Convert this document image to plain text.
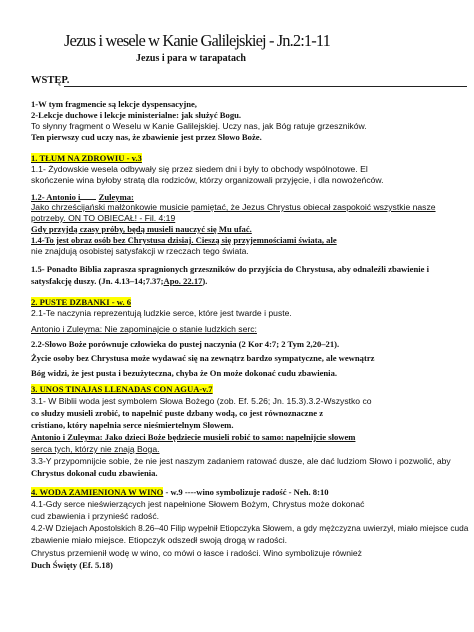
Jezus i wesele w Kanie Galilejskiej - Jn.2:1-11
Jezus i para w tarapatach
WSTĘP.
1-W tym fragmencie są lekcje dyspensacyjne,
2-Lekcje duchowe i lekcje ministerialne: jak służyć Bogu.
To słynny fragment o Weselu w Kanie Galilejskiej. Uczy nas, jak Bóg ratuje grzeszników.
Ten pierwszy cud uczy nas, że zbawienie jest przez Słowo Boże.
1. TŁUM NA ZDROWIU - v.3
1.1- Żydowskie wesela odbywały się przez siedem dni i były to obchody wspólnotowe. El
skończenie wina byłoby stratą dla rodziców, którzy organizowali przyjęcie, i dla nowożeńców.
1.2- Antonio i Zuleyma:
Jako chrześcijański małżonkowie musicie pamiętać, że Jezus Chrystus obiecał zaspokoić wszystkie nasze
potrzeby. ON TO OBIECAŁ! - Fil. 4:19
Gdy przyjdą czasy próby, będą musieli nauczyć się Mu ufać.
1.4-To jest obraz osób bez Chrystusa dzisiaj. Cieszą się przyjemnościami świata, ale
nie znajdują osobistej satysfakcji w rzeczach tego świata.
1.5- Ponadto Biblia zaprasza spragnionych grzeszników do przyjścia do Chrystusa, aby odnaleźli zbawienie i
satysfakcję duszy. (Jn. 4.13–14;7.37;Apo. 22.17).
2. PUSTE DZBANKI - w. 6
2.1-Te naczynia reprezentują ludzkie serce, które jest twarde i puste.
Antonio i Zuleyma: Nie zapominajcie o stanie ludzkich serc:
2.2-Słowo Boże porównuje człowieka do pustej naczynia (2 Kor 4:7; 2 Tym 2,20–21).
Życie osoby bez Chrystusa może wydawać się na zewnątrz bardzo sympatyczne, ale wewnątrz
Bóg widzi, że jest pusta i bezużyteczna, chyba że On może dokonać cudu zbawienia.
3. UNOS TINAJAS LLENADAS CON AGUA-v.7
3.1- W Biblii woda jest symbolem Słowa Bożego (zob. Ef. 5.26; Jn. 15.3).3.2-Wszystko co
co słudzy musieli zrobić, to napełnić puste dzbany wodą, co jest równoznaczne z
cristiano, który napełnia serce nieśmiertelnym Słowem.
Antonio i Zuleyma: Jako dzieci Boże będziecie musieli robić to samo: napełnijcie słowem
serca tych, którzy nie znają Boga.
3.3-Y przypomnijcie sobie, że nie jest naszym zadaniem ratować dusze, ale dać ludziom Słowo i pozwolić, aby
Chrystus dokonał cudu zbawienia.
4. WODA ZAMIENIONA W WINO - w.9 ----wino symbolizuje radość - Neh. 8:10
4.1-Gdy serce nieświerzących jest napełnione Słowem Bożym, Chrystus może dokonać
cud zbawienia i przynieść radość.
4.2-W Dziejach Apostolskich 8.26–40 Filip wypełnił Etiopczyka Słowem, a gdy mężczyzna uwierzył, miało miejsce cuda
zbawienie miało miejsce. Etiopczyk odszedł swoją drogą w radości.
Chrystus przemienił wodę w wino, co mówi o łasce i radości. Wino symbolizuje również
Duch Święty (Ef. 5.18)
